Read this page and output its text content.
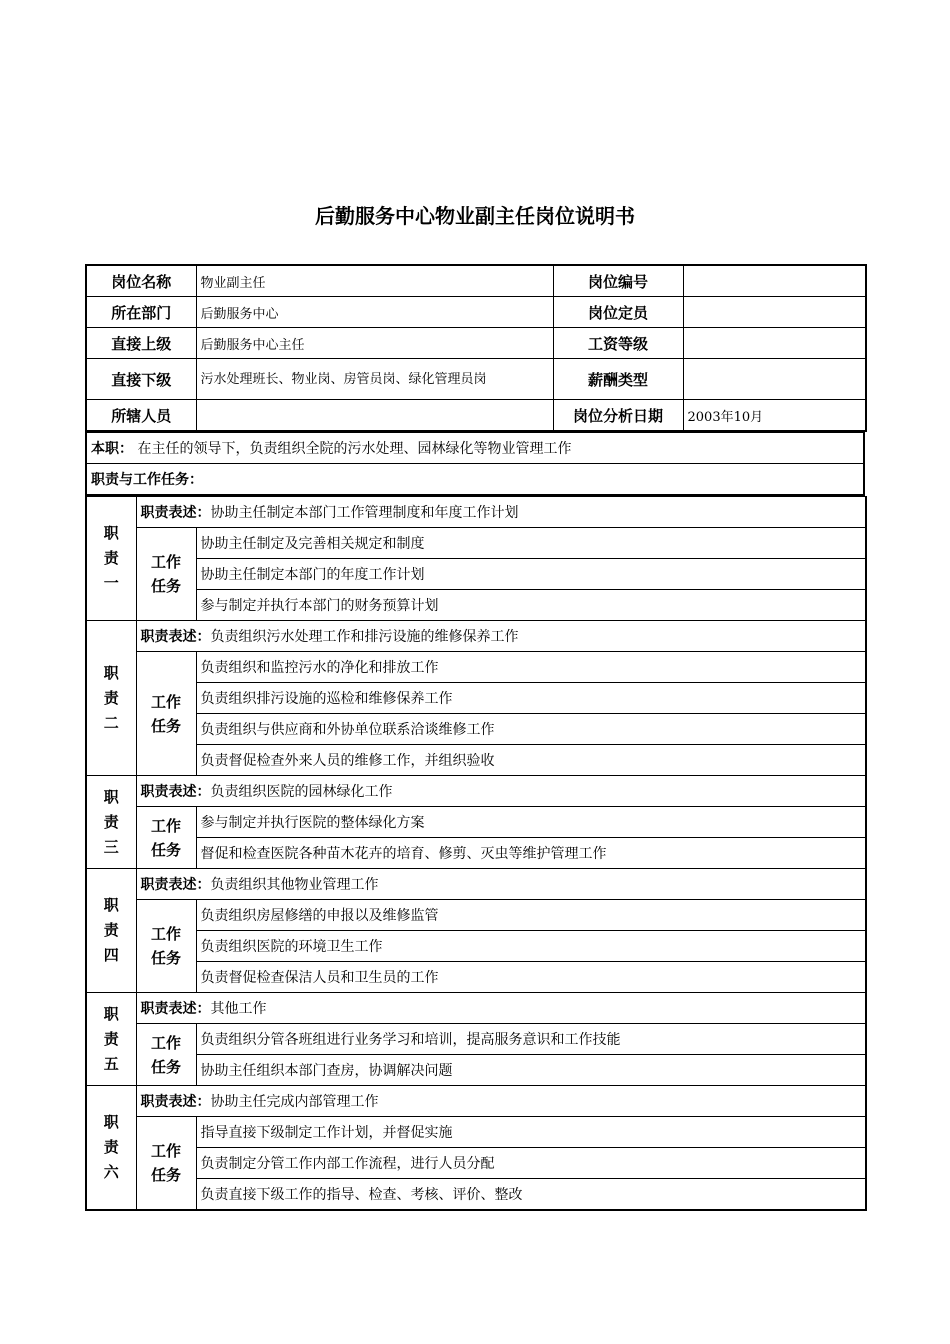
后勤服务中心物业副主任岗位说明书
岗位名称	物业副主任	岗位编号	
所在部门	后勤服务中心	岗位定员	
直接上级	后勤服务中心主任	工资等级	
直接下级	污水处理班长、物业岗、房管员岗、绿化管理员岗	薪酬类型	
所辖人员		岗位分析日期	2003年10月
本职： 在主任的领导下，负责组织全院的污水处理、园林绿化等物业管理工作
职责与工作任务：
职责一	职责表述：协助主任制定本部门工作管理制度和年度工作计划	
	工作任务	协助主任制定及完善相关规定和制度
		协助主任制定本部门的年度工作计划
		参与制定并执行本部门的财务预算计划
职责二	职责表述：负责组织污水处理工作和排污设施的维修保养工作	
	工作任务	负责组织和监控污水的净化和排放工作
		负责组织排污设施的巡检和维修保养工作
		负责组织与供应商和外协单位联系洽谈维修工作
		负责督促检查外来人员的维修工作，并组织验收
职责三	职责表述：负责组织医院的园林绿化工作	
	工作任务	参与制定并执行医院的整体绿化方案
		督促和检查医院各种苗木花卉的培育、修剪、灭虫等维护管理工作
职责四	职责表述：负责组织其他物业管理工作	
	工作任务	负责组织房屋修缮的申报以及维修监管
		负责组织医院的环境卫生工作
		负责督促检查保洁人员和卫生员的工作
职责五	职责表述：其他工作	
	工作任务	负责组织分管各班组进行业务学习和培训，提高服务意识和工作技能
		协助主任组织本部门查房，协调解决问题
职责六	职责表述：协助主任完成内部管理工作	
	工作任务	指导直接下级制定工作计划，并督促实施
		负责制定分管工作内部工作流程，进行人员分配
		负责直接下级工作的指导、检查、考核、评价、整改
